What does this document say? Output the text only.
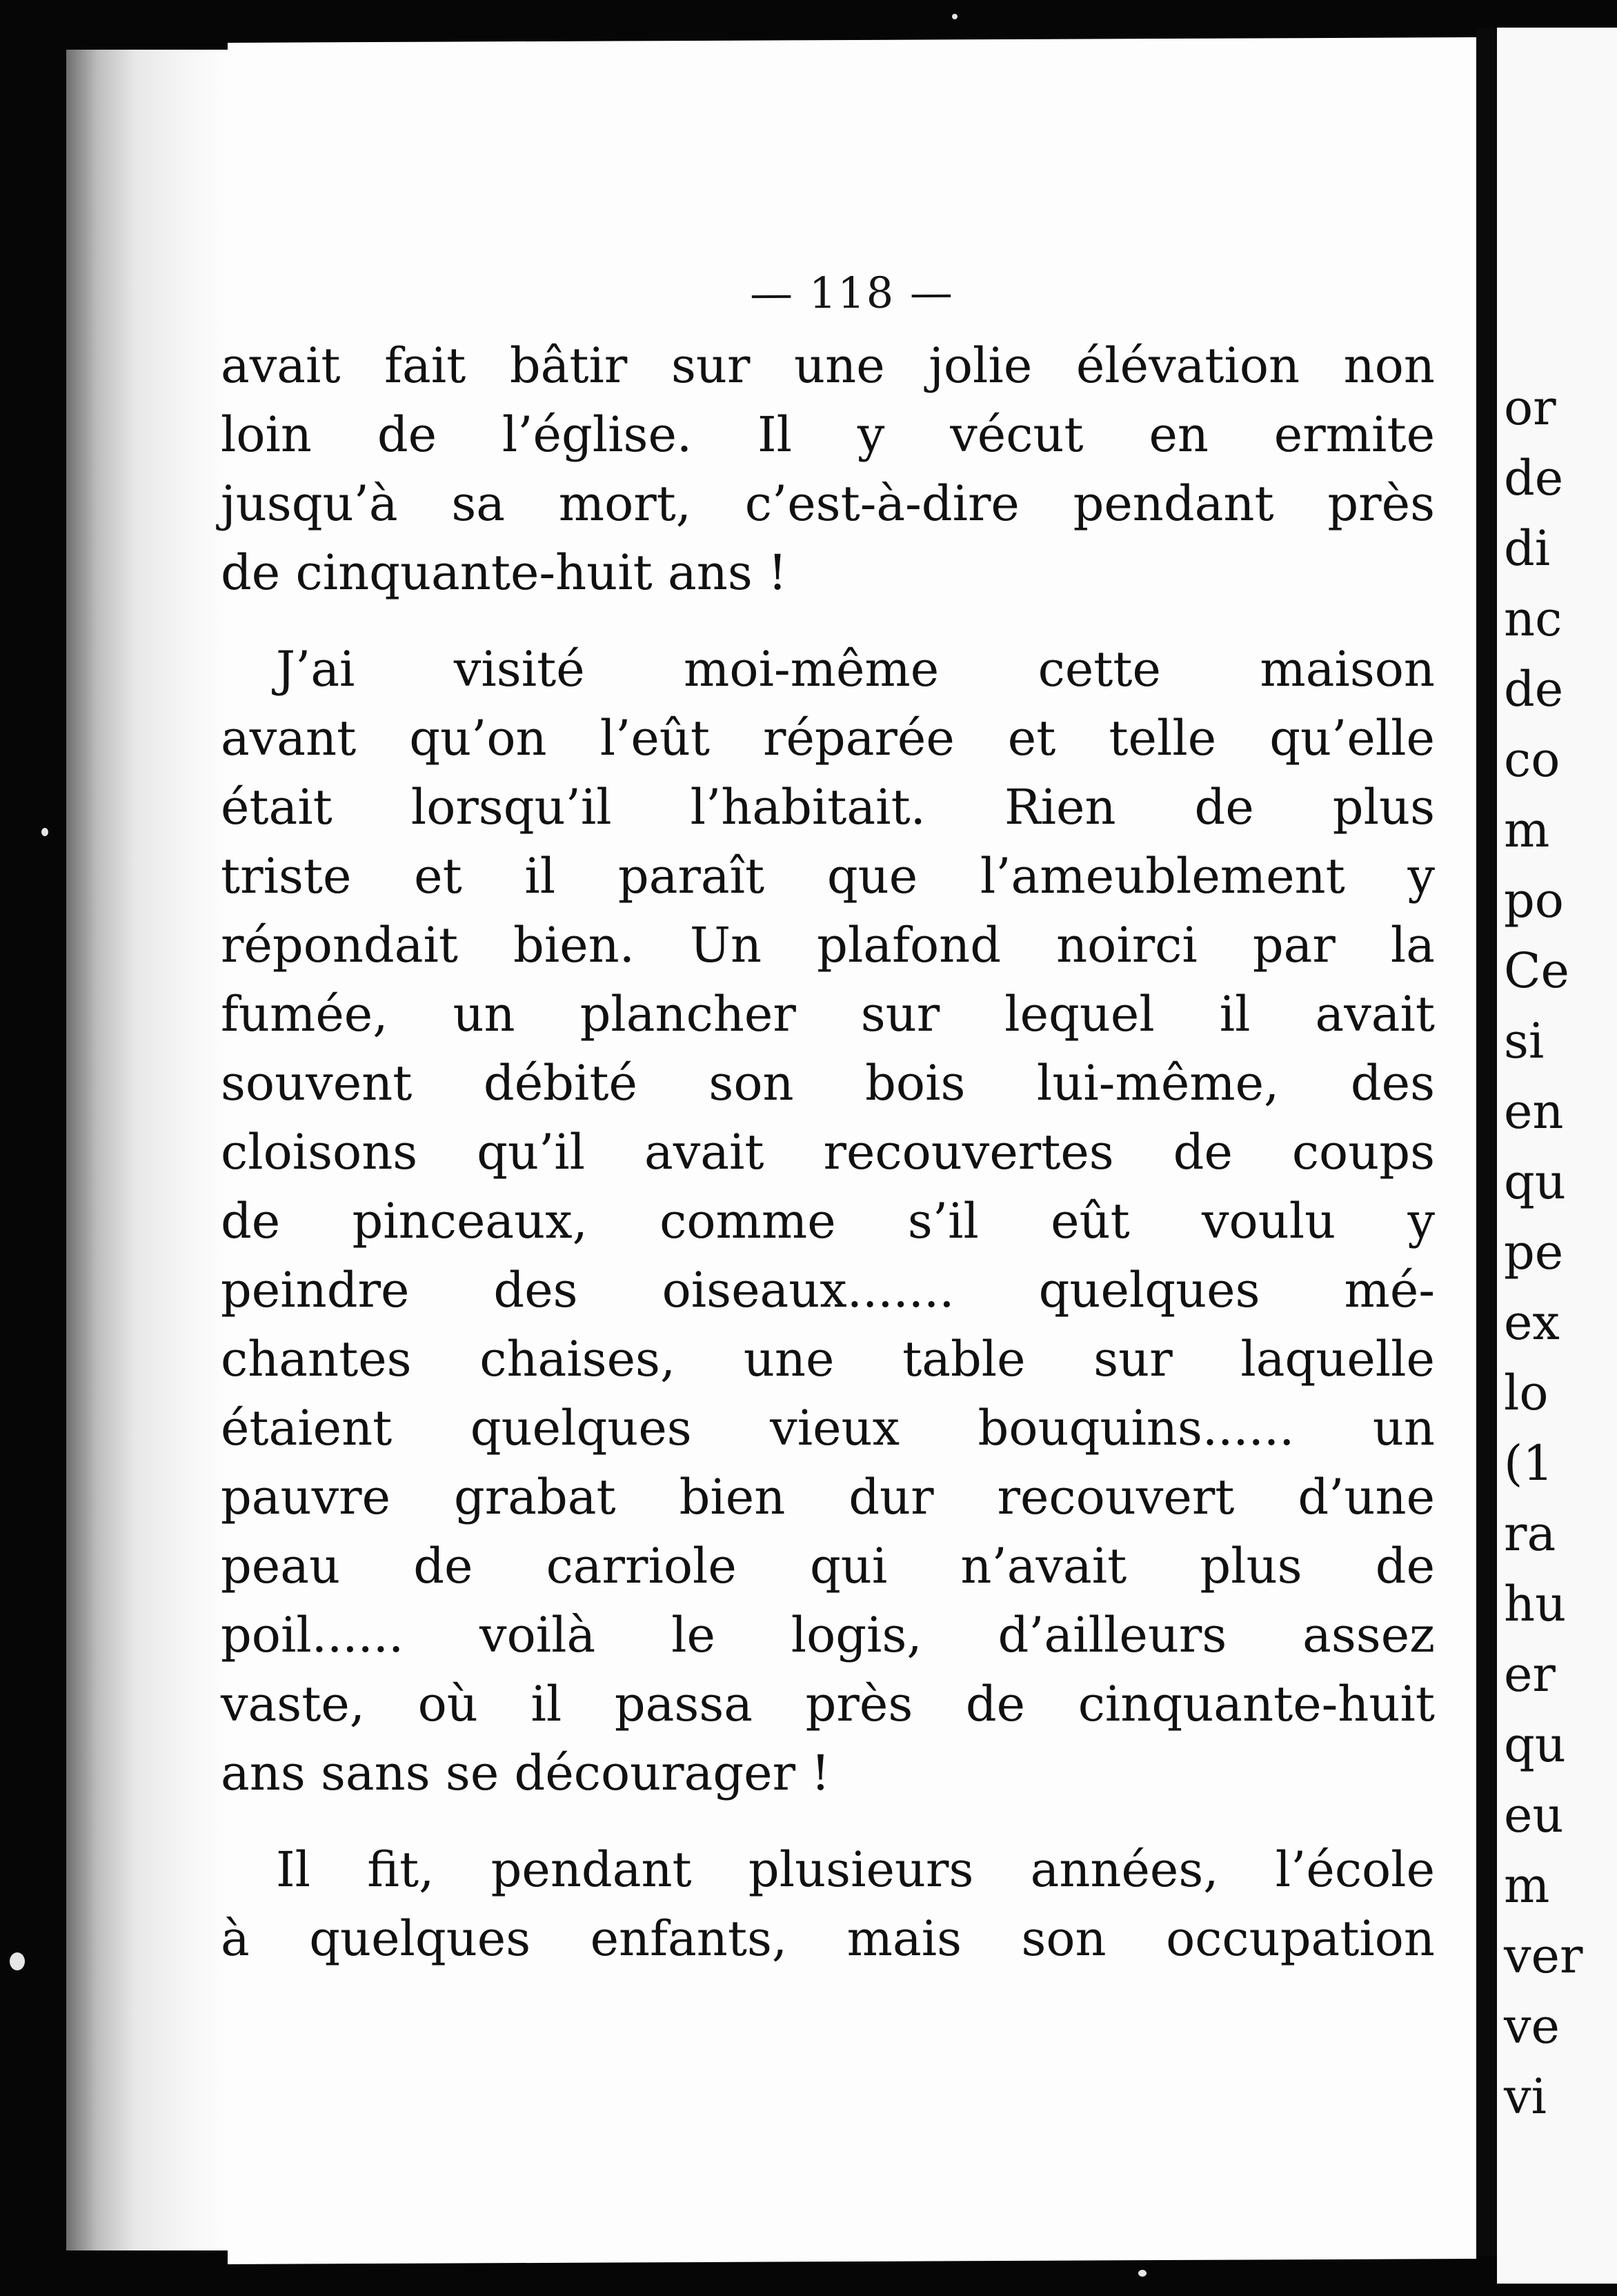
— 118 —
avait fait bâtir sur une jolie élévation non
loin de l’église. Il y vécut en ermite
jusqu’à sa mort, c’est-à-dire pendant près
de cinquante-huit ans !
J’ai visité moi-même cette maison
avant qu’on l’eût réparée et telle qu’elle
était lorsqu’il l’habitait. Rien de plus
triste et il paraît que l’ameublement y
répondait bien. Un plafond noirci par la
fumée, un plancher sur lequel il avait
souvent débité son bois lui-même, des
cloisons qu’il avait recouvertes de coups
de pinceaux, comme s’il eût voulu y
peindre des oiseaux....... quelques mé-
chantes chaises, une table sur laquelle
étaient quelques vieux bouquins...... un
pauvre grabat bien dur recouvert d’une
peau de carriole qui n’avait plus de
poil...... voilà le logis, d’ailleurs assez
vaste, où il passa près de cinquante-huit
ans sans se décourager !
Il fit, pendant plusieurs années, l’école
à quelques enfants, mais son occupation
or
de
di
nc
de
co
m
po
Ce
si
en
qu
pe
ex
lo
(1
ra
hu
er
qu
eu
m
ver
ve
vi
